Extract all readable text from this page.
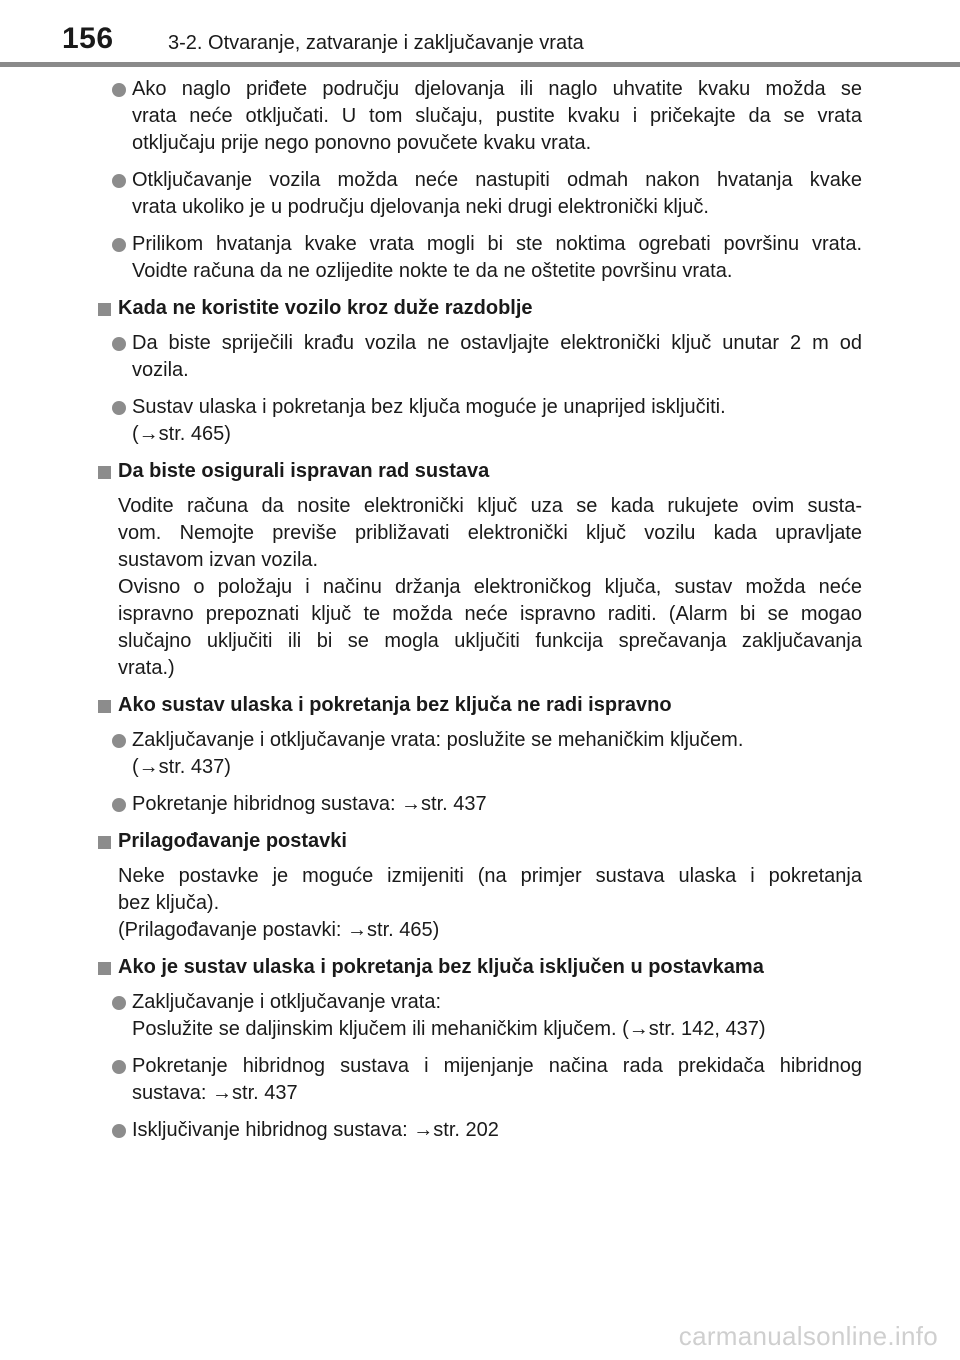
156	3-2. Otvaranje, zatvaranje i zaključavanje vrata
Ako naglo priđete području djelovanja ili naglo uhvatite kvaku možda se
vrata neće otključati. U tom slučaju, pustite kvaku i pričekajte da se vrata
otključaju prije nego ponovno povučete kvaku vrata.
Otključavanje vozila možda neće nastupiti odmah nakon hvatanja kvake
vrata ukoliko je u području djelovanja neki drugi elektronički ključ.
Prilikom hvatanja kvake vrata mogli bi ste noktima ogrebati površinu vrata.
Voidte računa da ne ozlijedite nokte te da ne oštetite površinu vrata.
Kada ne koristite vozilo kroz duže razdoblje
Da biste spriječili krađu vozila ne ostavljajte elektronički ključ unutar 2 m od
vozila.
Sustav ulaska i pokretanja bez ključa moguće je unaprijed isključiti.
(→str. 465)
Da biste osigurali ispravan rad sustava
Vodite računa da nosite elektronički ključ uza se kada rukujete ovim susta-
vom. Nemojte previše približavati elektronički ključ vozilu kada upravljate
sustavom izvan vozila.
Ovisno o položaju i načinu držanja elektroničkog ključa, sustav možda neće
ispravno prepoznati ključ te možda neće ispravno raditi. (Alarm bi se mogao
slučajno uključiti ili bi se mogla uključiti funkcija sprečavanja zaključavanja
vrata.)
Ako sustav ulaska i pokretanja bez ključa ne radi ispravno
Zaključavanje i otključavanje vrata: poslužite se mehaničkim ključem.
(→str. 437)
Pokretanje hibridnog sustava: →str. 437
Prilagođavanje postavki
Neke postavke je moguće izmijeniti (na primjer sustava ulaska i pokretanja
bez ključa).
(Prilagođavanje postavki: →str. 465)
Ako je sustav ulaska i pokretanja bez ključa isključen u postavkama
Zaključavanje i otključavanje vrata:
Poslužite se daljinskim ključem ili mehaničkim ključem. (→str. 142, 437)
Pokretanje hibridnog sustava i mijenjanje načina rada prekidača hibridnog
sustava: →str. 437
Isključivanje hibridnog sustava: →str. 202
carmanualsonline.info
